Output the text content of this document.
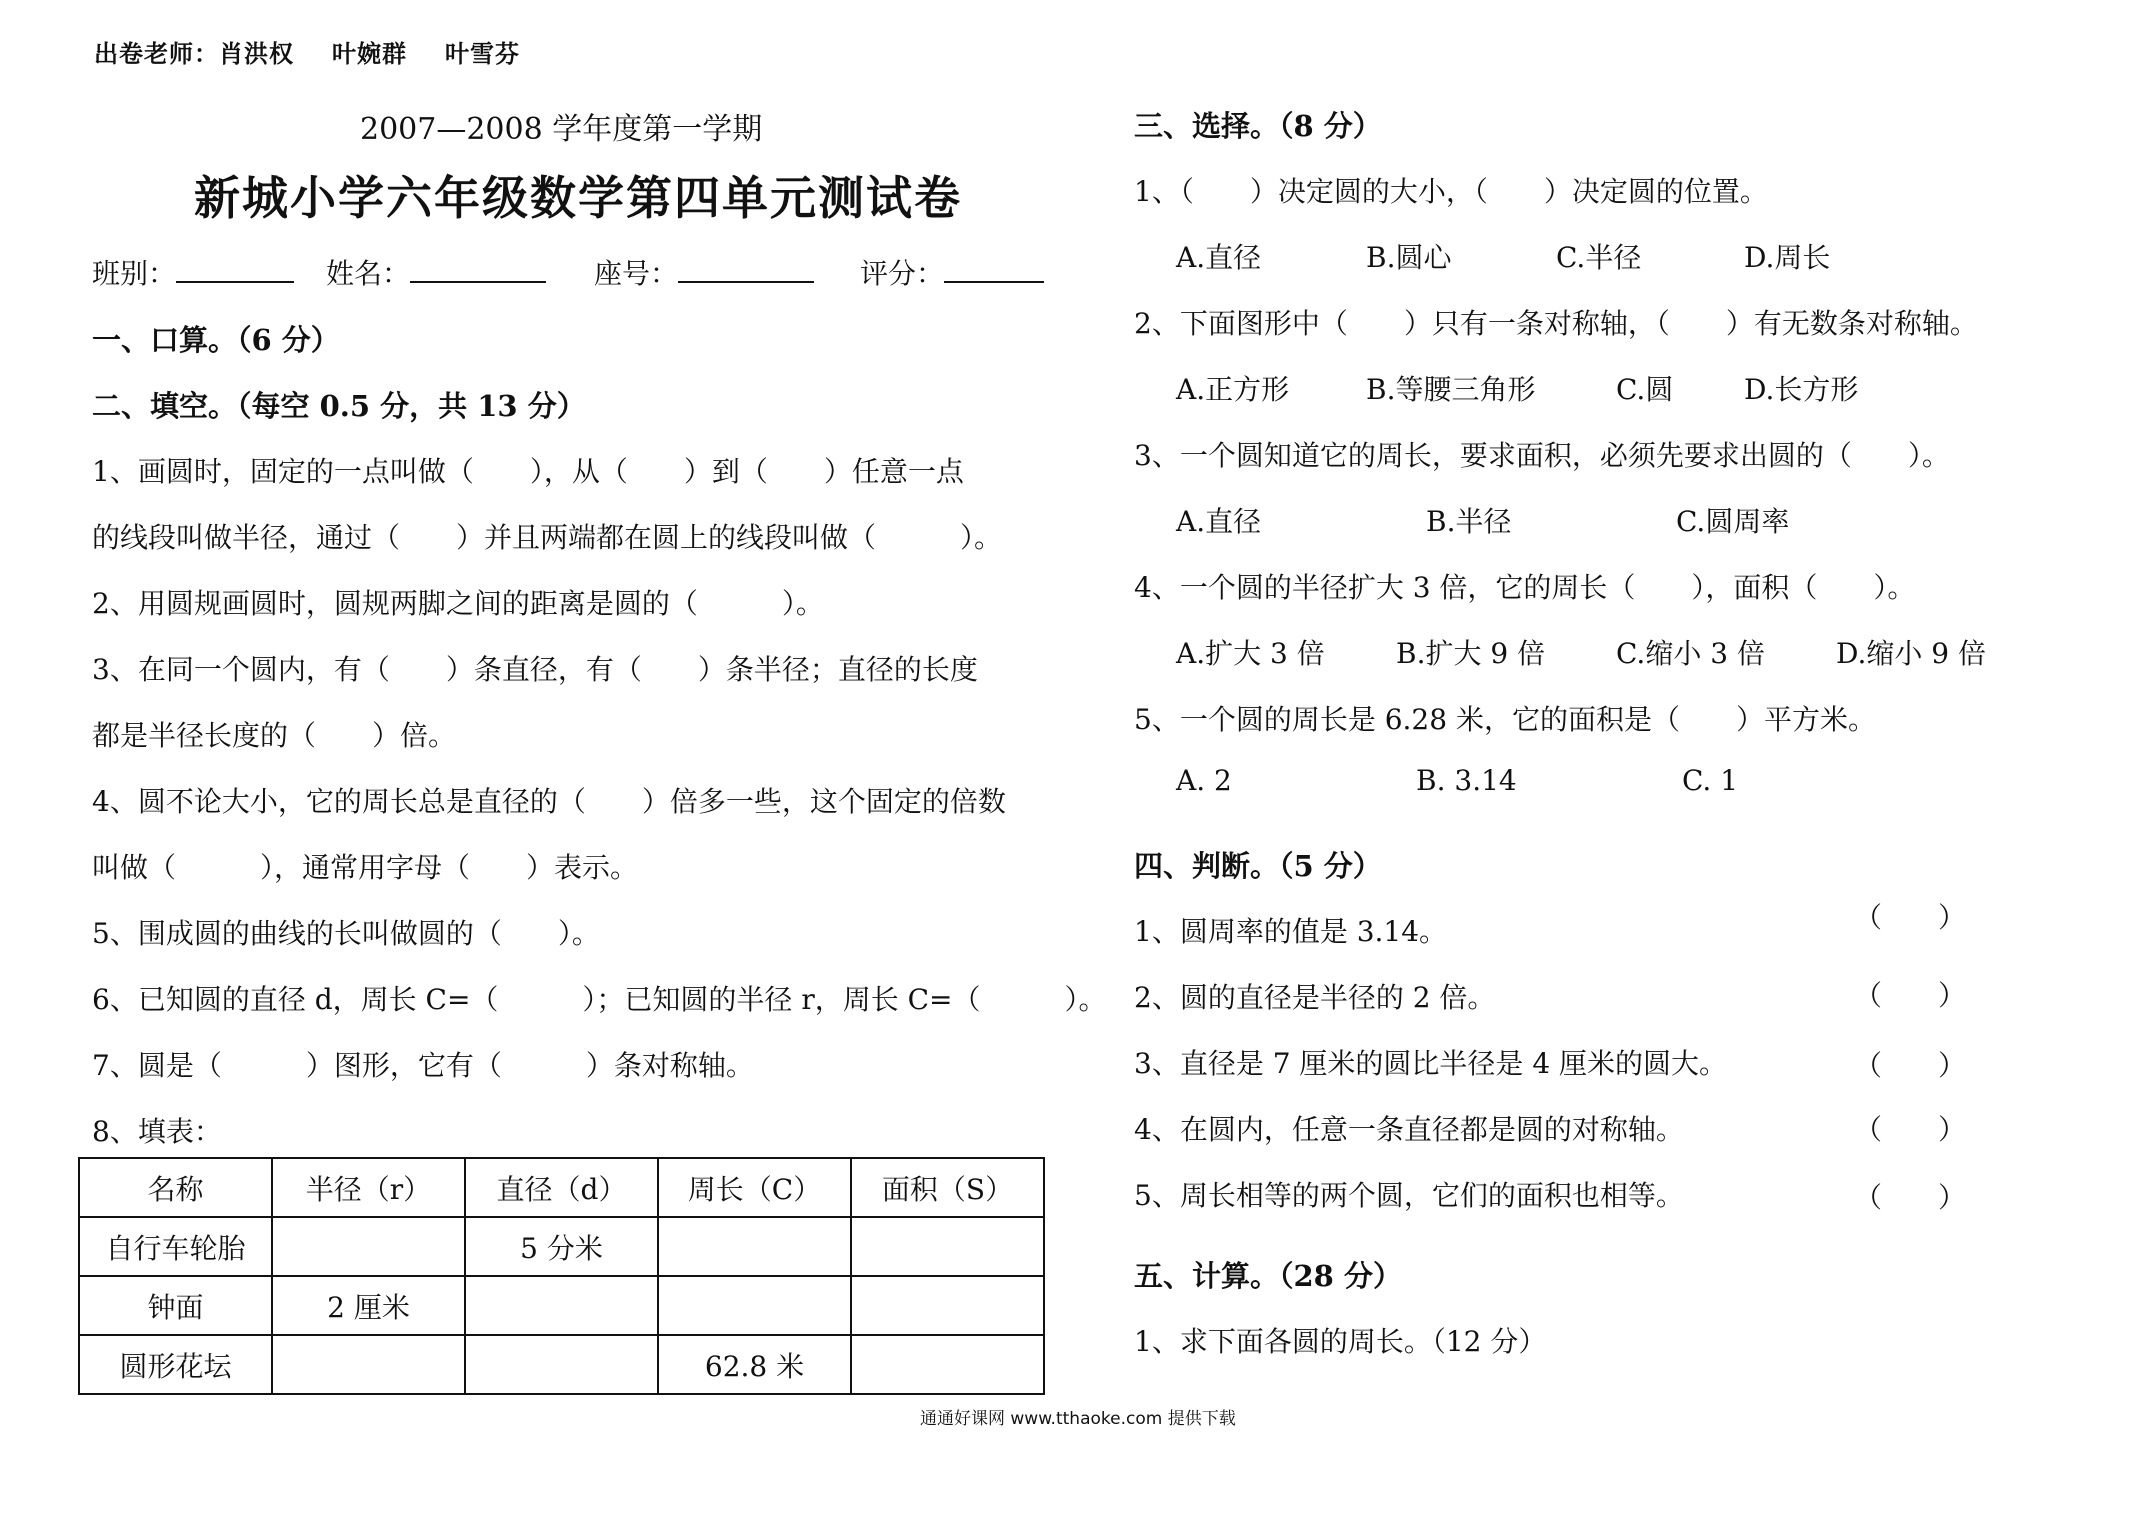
出卷老师：肖洪权 叶婉群 叶雪芬
2007—2008 学年度第一学期
新城小学六年级数学第四单元测试卷
班别：	姓名：	座号：	评分：
一、口算。（6 分）
二、填空。（每空 0.5 分，共 13 分）
1、画圆时，固定的一点叫做（　　），从（　　）到（　　）任意一点
的线段叫做半径，通过（　　）并且两端都在圆上的线段叫做（　　　）。
2、用圆规画圆时，圆规两脚之间的距离是圆的（　　　）。
3、在同一个圆内，有（　　）条直径，有（　　）条半径；直径的长度
都是半径长度的（　　）倍。
4、圆不论大小，它的周长总是直径的（　　）倍多一些，这个固定的倍数
叫做（　　　），通常用字母（　　）表示。
5、围成圆的曲线的长叫做圆的（　　）。
6、已知圆的直径 d，周长 C=（　　　）；已知圆的半径 r，周长 C=（　　　）。
7、圆是（　　　）图形，它有（　　　）条对称轴。
8、填表：
名称	半径（r）	直径（d）	周长（C）	面积（S）
自行车轮胎		5 分米		
钟面	2 厘米			
圆形花坛			62.8 米	
三、选择。（8 分）
1、（　　）决定圆的大小，（　　）决定圆的位置。
A.直径	B.圆心	C.半径	D.周长
2、下面图形中（　　）只有一条对称轴，（　　）有无数条对称轴。
A.正方形	B.等腰三角形	C.圆	D.长方形
3、一个圆知道它的周长，要求面积，必须先要求出圆的（　　）。
A.直径	B.半径	C.圆周率
4、一个圆的半径扩大 3 倍，它的周长（　　），面积（　　）。
A.扩大 3 倍	B.扩大 9 倍	C.缩小 3 倍	D.缩小 9 倍
5、一个圆的周长是 6.28 米，它的面积是（　　）平方米。
A. 2	B. 3.14	C. 1
四、判断。（5 分）
1、圆周率的值是 3.14。	（　　）
2、圆的直径是半径的 2 倍。	（　　）
3、直径是 7 厘米的圆比半径是 4 厘米的圆大。	（　　）
4、在圆内，任意一条直径都是圆的对称轴。	（　　）
5、周长相等的两个圆，它们的面积也相等。	（　　）
五、计算。（28 分）
1、求下面各圆的周长。（12 分）
通通好课网 www.tthaoke.com 提供下载
